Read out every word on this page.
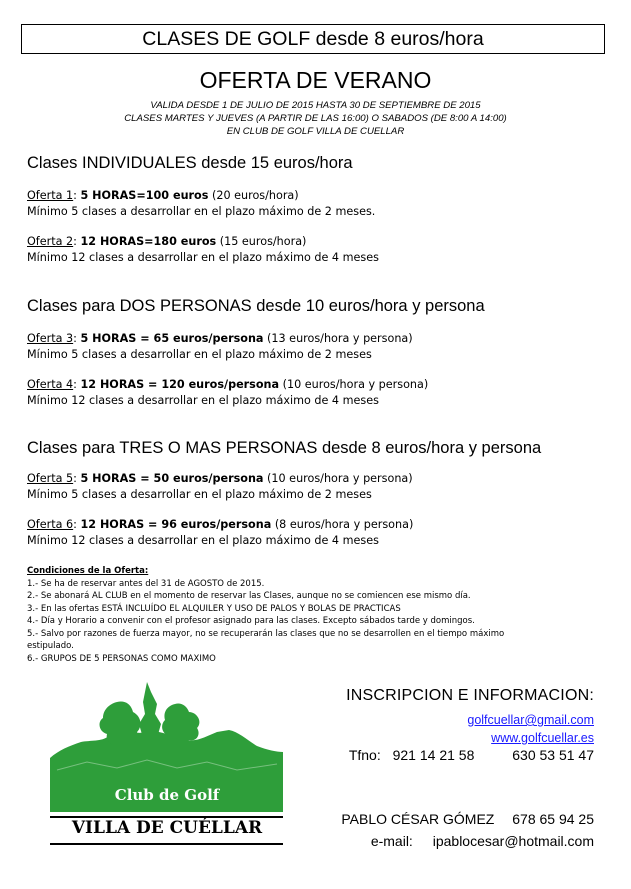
CLASES DE GOLF desde 8 euros/hora
OFERTA DE VERANO
VALIDA DESDE 1 DE JULIO DE 2015 HASTA 30 DE SEPTIEMBRE DE 2015
CLASES MARTES Y JUEVES (A PARTIR DE LAS 16:00) O SABADOS (DE 8:00 A 14:00)
EN CLUB DE GOLF VILLA DE CUELLAR
Clases INDIVIDUALES desde 15 euros/hora
Oferta 1: 5 HORAS=100 euros (20 euros/hora)
Mínimo 5 clases a desarrollar en el plazo máximo de 2 meses.
Oferta 2: 12 HORAS=180 euros (15 euros/hora)
Mínimo 12 clases a desarrollar en el plazo máximo de 4 meses
Clases para DOS PERSONAS desde 10 euros/hora y persona
Oferta 3: 5 HORAS = 65 euros/persona (13 euros/hora y persona)
Mínimo 5 clases a desarrollar en el plazo máximo de 2 meses
Oferta 4: 12 HORAS = 120 euros/persona (10 euros/hora y persona)
Mínimo 12 clases a desarrollar en el plazo máximo de 4 meses
Clases para TRES O MAS PERSONAS desde 8 euros/hora y persona
Oferta 5: 5 HORAS = 50 euros/persona (10 euros/hora y persona)
Mínimo 5 clases a desarrollar en el plazo máximo de 2 meses
Oferta 6: 12 HORAS = 96 euros/persona (8 euros/hora y persona)
Mínimo 12 clases a desarrollar en el plazo máximo de 4 meses
Condiciones de la Oferta:
1.- Se ha de reservar antes del 31 de AGOSTO de 2015.
2.- Se abonará AL CLUB en el momento de reservar las Clases, aunque no se comiencen ese mismo día.
3.- En las ofertas ESTÁ INCLUÍDO EL ALQUILER Y USO DE PALOS Y BOLAS DE PRACTICAS
4.- Día y Horario a convenir con el profesor asignado para las clases. Excepto sábados tarde y domingos.
5.- Salvo por razones de fuerza mayor, no se recuperarán las clases que no se desarrollen en el tiempo máximo
estipulado.
6.- GRUPOS DE 5 PERSONAS COMO MAXIMO
Club de Golf
VILLA DE CUÉLLAR
INSCRIPCION E INFORMACION:
golfcuellar@gmail.com
www.golfcuellar.es
Tfno: 921 14 21 58	630 53 51 47
PABLO CÉSAR GÓMEZ 678 65 94 25
e-mail: ipablocesar@hotmail.com
